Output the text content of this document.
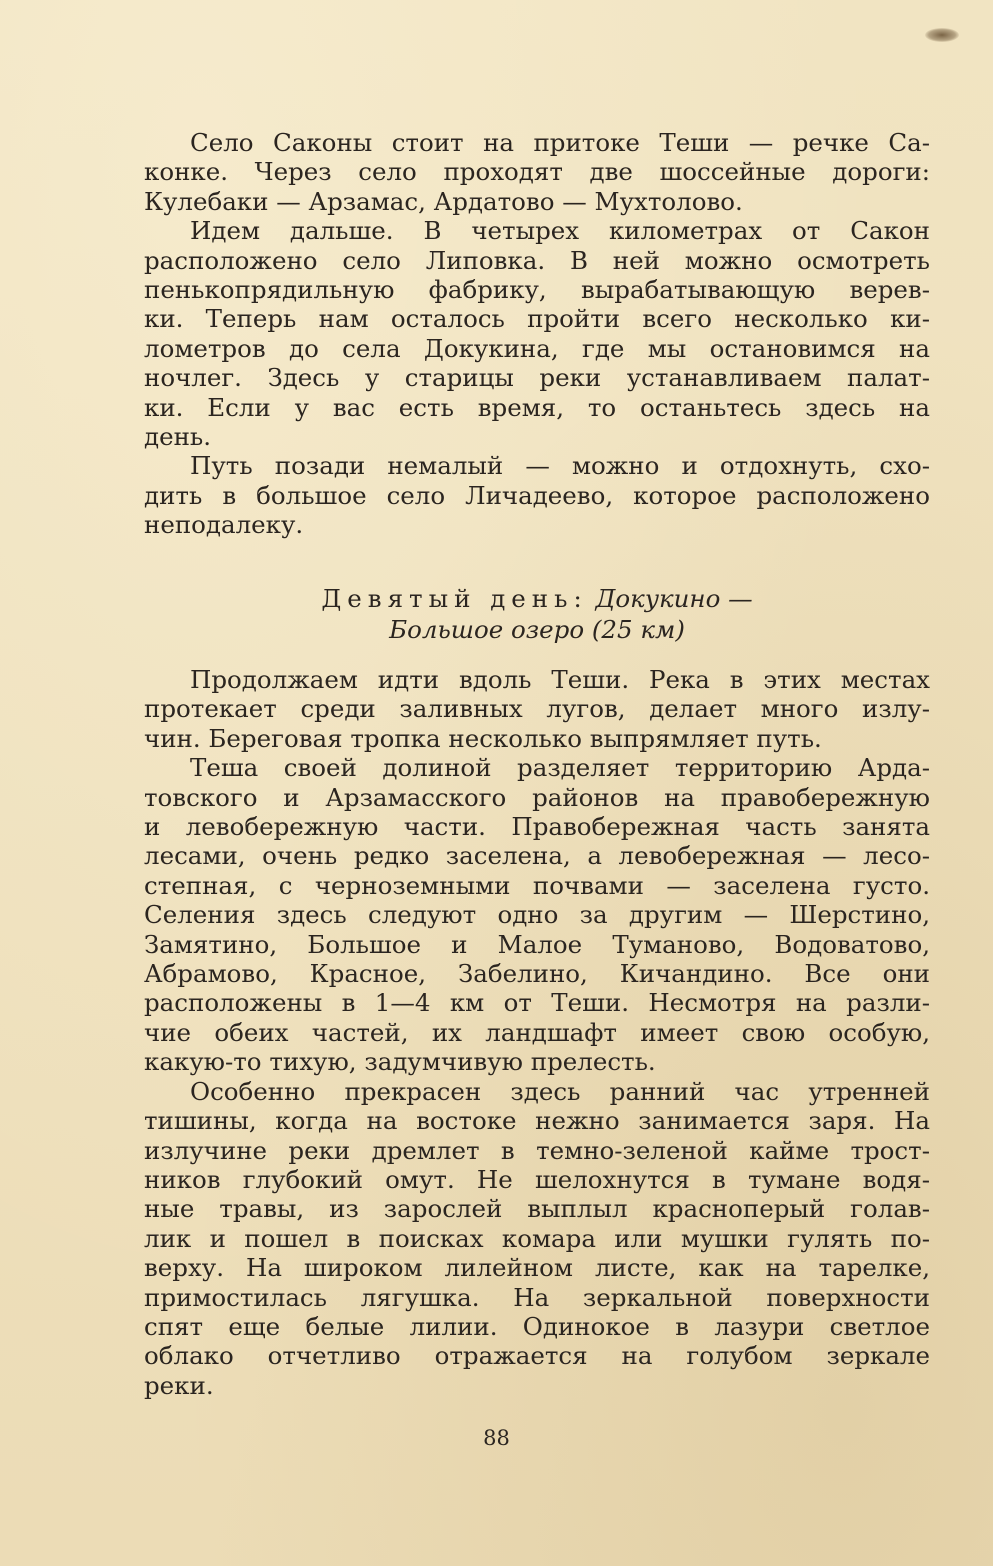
Село Саконы стоит на притоке Теши — речке Са-
конке. Через село проходят две шоссейные дороги:
Кулебаки — Арзамас, Ардатово — Мухтолово.
Идем дальше. В четырех километрах от Сакон
расположено село Липовка. В ней можно осмотреть
пенькопрядильную фабрику, вырабатывающую верев-
ки. Теперь нам осталось пройти всего несколько ки-
лометров до села Докукина, где мы остановимся на
ночлег. Здесь у старицы реки устанавливаем палат-
ки. Если у вас есть время, то останьтесь здесь на
день.
Путь позади немалый — можно и отдохнуть, схо-
дить в большое село Личадеево, которое расположено
неподалеку.
Девятый день: Докукино —
Большое озеро (25 км)
Продолжаем идти вдоль Теши. Река в этих местах
протекает среди заливных лугов, делает много излу-
чин. Береговая тропка несколько выпрямляет путь.
Теша своей долиной разделяет территорию Арда-
товского и Арзамасского районов на правобережную
и левобережную части. Правобережная часть занята
лесами, очень редко заселена, а левобережная — лесо-
степная, с черноземными почвами — заселена густо.
Селения здесь следуют одно за другим — Шерстино,
Замятино, Большое и Малое Туманово, Водоватово,
Абрамово, Красное, Забелино, Кичандино. Все они
расположены в 1—4 км от Теши. Несмотря на разли-
чие обеих частей, их ландшафт имеет свою особую,
какую-то тихую, задумчивую прелесть.
Особенно прекрасен здесь ранний час утренней
тишины, когда на востоке нежно занимается заря. На
излучине реки дремлет в темно-зеленой кайме трост-
ников глубокий омут. Не шелохнутся в тумане водя-
ные травы, из зарослей выплыл красноперый голав-
лик и пошел в поисках комара или мушки гулять по-
верху. На широком лилейном листе, как на тарелке,
примостилась лягушка. На зеркальной поверхности
спят еще белые лилии. Одинокое в лазури светлое
облако отчетливо отражается на голубом зеркале
реки.
88
